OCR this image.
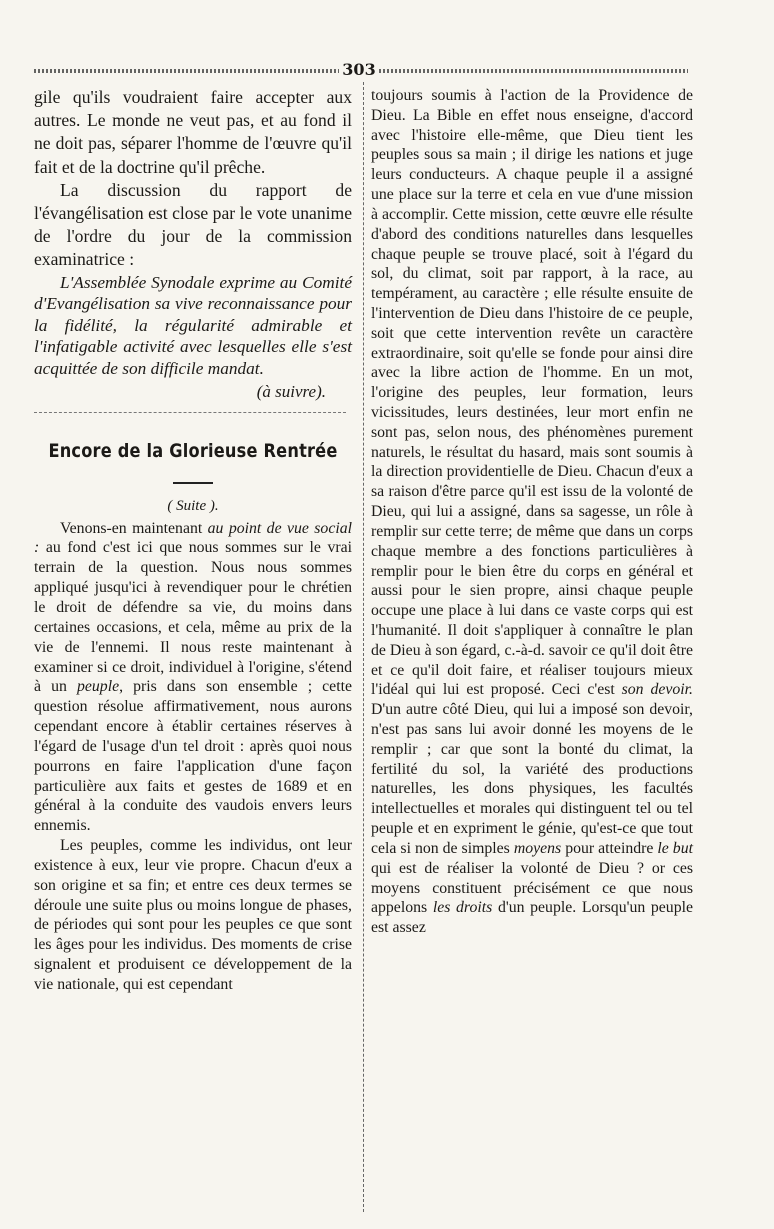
303

gile qu'ils voudraient faire accepter aux autres. Le monde ne veut pas, et au fond il ne doit pas, séparer l'homme de l'œuvre qu'il fait et de la doctrine qu'il prêche.

La discussion du rapport de l'évangélisation est close par le vote unanime de l'ordre du jour de la commission examinatrice :

L'Assemblée Synodale exprime au Comité d'Evangélisation sa vive reconnaissance pour la fidélité, la régularité admirable et l'infatigable activité avec lesquelles elle s'est acquittée de son difficile mandat.

(à suivre).

Encore de la Glorieuse Rentrée
( Suite ).

Venons-en maintenant au point de vue social : au fond c'est ici que nous sommes sur le vrai terrain de la question. Nous nous sommes appliqué jusqu'ici à revendiquer pour le chrétien le droit de défendre sa vie, du moins dans certaines occasions, et cela, même au prix de la vie de l'ennemi. Il nous reste maintenant à examiner si ce droit, individuel à l'origine, s'étend à un peuple, pris dans son ensemble ; cette question résolue affirmativement, nous aurons cependant encore à établir certaines réserves à l'égard de l'usage d'un tel droit : après quoi nous pourrons en faire l'application d'une façon particulière aux faits et gestes de 1689 et en général à la conduite des vaudois envers leurs ennemis.

Les peuples, comme les individus, ont leur existence à eux, leur vie propre. Chacun d'eux a son origine et sa fin; et entre ces deux termes se déroule une suite plus ou moins longue de phases, de périodes qui sont pour les peuples ce que sont les âges pour les individus. Des moments de crise signalent et produisent ce développement de la vie nationale, qui est cependant

toujours soumis à l'action de la Providence de Dieu. La Bible en effet nous enseigne, d'accord avec l'histoire elle-même, que Dieu tient les peuples sous sa main ; il dirige les nations et juge leurs conducteurs. A chaque peuple il a assigné une place sur la terre et cela en vue d'une mission à accomplir. Cette mission, cette œuvre elle résulte d'abord des conditions naturelles dans lesquelles chaque peuple se trouve placé, soit à l'égard du sol, du climat, soit par rapport, à la race, au tempérament, au caractère ; elle résulte ensuite de l'intervention de Dieu dans l'histoire de ce peuple, soit que cette intervention revête un caractère extraordinaire, soit qu'elle se fonde pour ainsi dire avec la libre action de l'homme. En un mot, l'origine des peuples, leur formation, leurs vicissitudes, leurs destinées, leur mort enfin ne sont pas, selon nous, des phénomènes purement naturels, le résultat du hasard, mais sont soumis à la direction providentielle de Dieu. Chacun d'eux a sa raison d'être parce qu'il est issu de la volonté de Dieu, qui lui a assigné, dans sa sagesse, un rôle à remplir sur cette terre; de même que dans un corps chaque membre a des fonctions particulières à remplir pour le bien être du corps en général et aussi pour le sien propre, ainsi chaque peuple occupe une place à lui dans ce vaste corps qui est l'humanité. Il doit s'appliquer à connaître le plan de Dieu à son égard, c.-à-d. savoir ce qu'il doit être et ce qu'il doit faire, et réaliser toujours mieux l'idéal qui lui est proposé. Ceci c'est son devoir. D'un autre côté Dieu, qui lui a imposé son devoir, n'est pas sans lui avoir donné les moyens de le remplir ; car que sont la bonté du climat, la fertilité du sol, la variété des productions naturelles, les dons physiques, les facultés intellectuelles et morales qui distinguent tel ou tel peuple et en expriment le génie, qu'est-ce que tout cela si non de simples moyens pour atteindre le but qui est de réaliser la volonté de Dieu ? or ces moyens constituent précisément ce que nous appelons les droits d'un peuple. Lorsqu'un peuple est assez
